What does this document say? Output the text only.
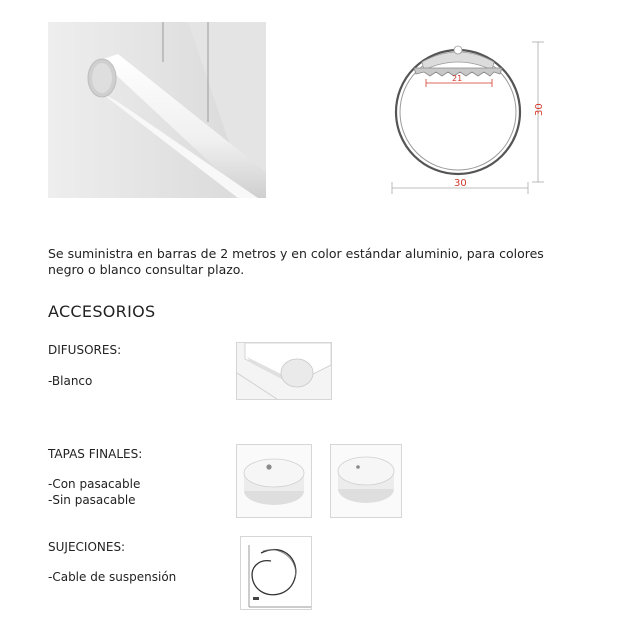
21
30
30
Se suministra en barras de 2 metros y en color estándar aluminio, para colores negro o blanco consultar plazo.
ACCESORIOS
DIFUSORES:
-Blanco
TAPAS FINALES:
-Con pasacable
-Sin pasacable
SUJECIONES:
-Cable de suspensión
